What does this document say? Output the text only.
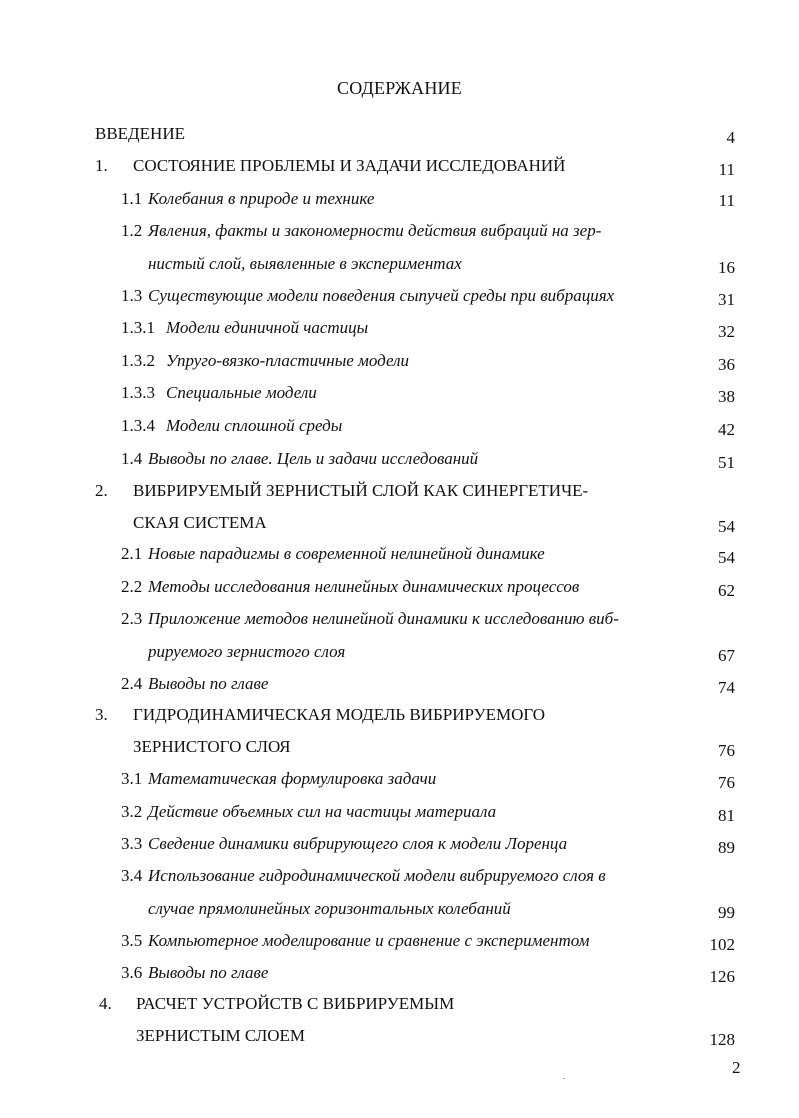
СОДЕРЖАНИЕ
ВВЕДЕНИЕ	4
1. СОСТОЯНИЕ ПРОБЛЕМЫ И ЗАДАЧИ ИССЛЕДОВАНИЙ	11
1.1 Колебания в природе и технике	11
1.2 Явления, факты и закономерности действия вибраций на зер-
нистый слой, выявленные в экспериментах	16
1.3 Существующие модели поведения сыпучей среды при вибрациях	31
1.3.1 Модели единичной частицы	32
1.3.2 Упруго-вязко-пластичные модели	36
1.3.3 Специальные модели	38
1.3.4 Модели сплошной среды	42
1.4 Выводы по главе. Цель и задачи исследований	51
2. ВИБРИРУЕМЫЙ ЗЕРНИСТЫЙ СЛОЙ КАК СИНЕРГЕТИЧЕ-
СКАЯ СИСТЕМА	54
2.1 Новые парадигмы в современной нелинейной динамике	54
2.2 Методы исследования нелинейных динамических процессов	62
2.3 Приложение методов нелинейной динамики к исследованию виб-
рируемого зернистого слоя	67
2.4 Выводы по главе	74
3. ГИДРОДИНАМИЧЕСКАЯ МОДЕЛЬ ВИБРИРУЕМОГО
ЗЕРНИСТОГО СЛОЯ	76
3.1 Математическая формулировка задачи	76
3.2 Действие объемных сил на частицы материала	81
3.3 Сведение динамики вибрирующего слоя к модели Лоренца	89
3.4 Использование гидродинамической модели вибрируемого слоя в
случае прямолинейных горизонтальных колебаний	99
3.5 Компьютерное моделирование и сравнение с экспериментом	102
3.6 Выводы по главе	126
4. РАСЧЕТ УСТРОЙСТВ С ВИБРИРУЕМЫМ
ЗЕРНИСТЫМ СЛОЕМ	128
2
